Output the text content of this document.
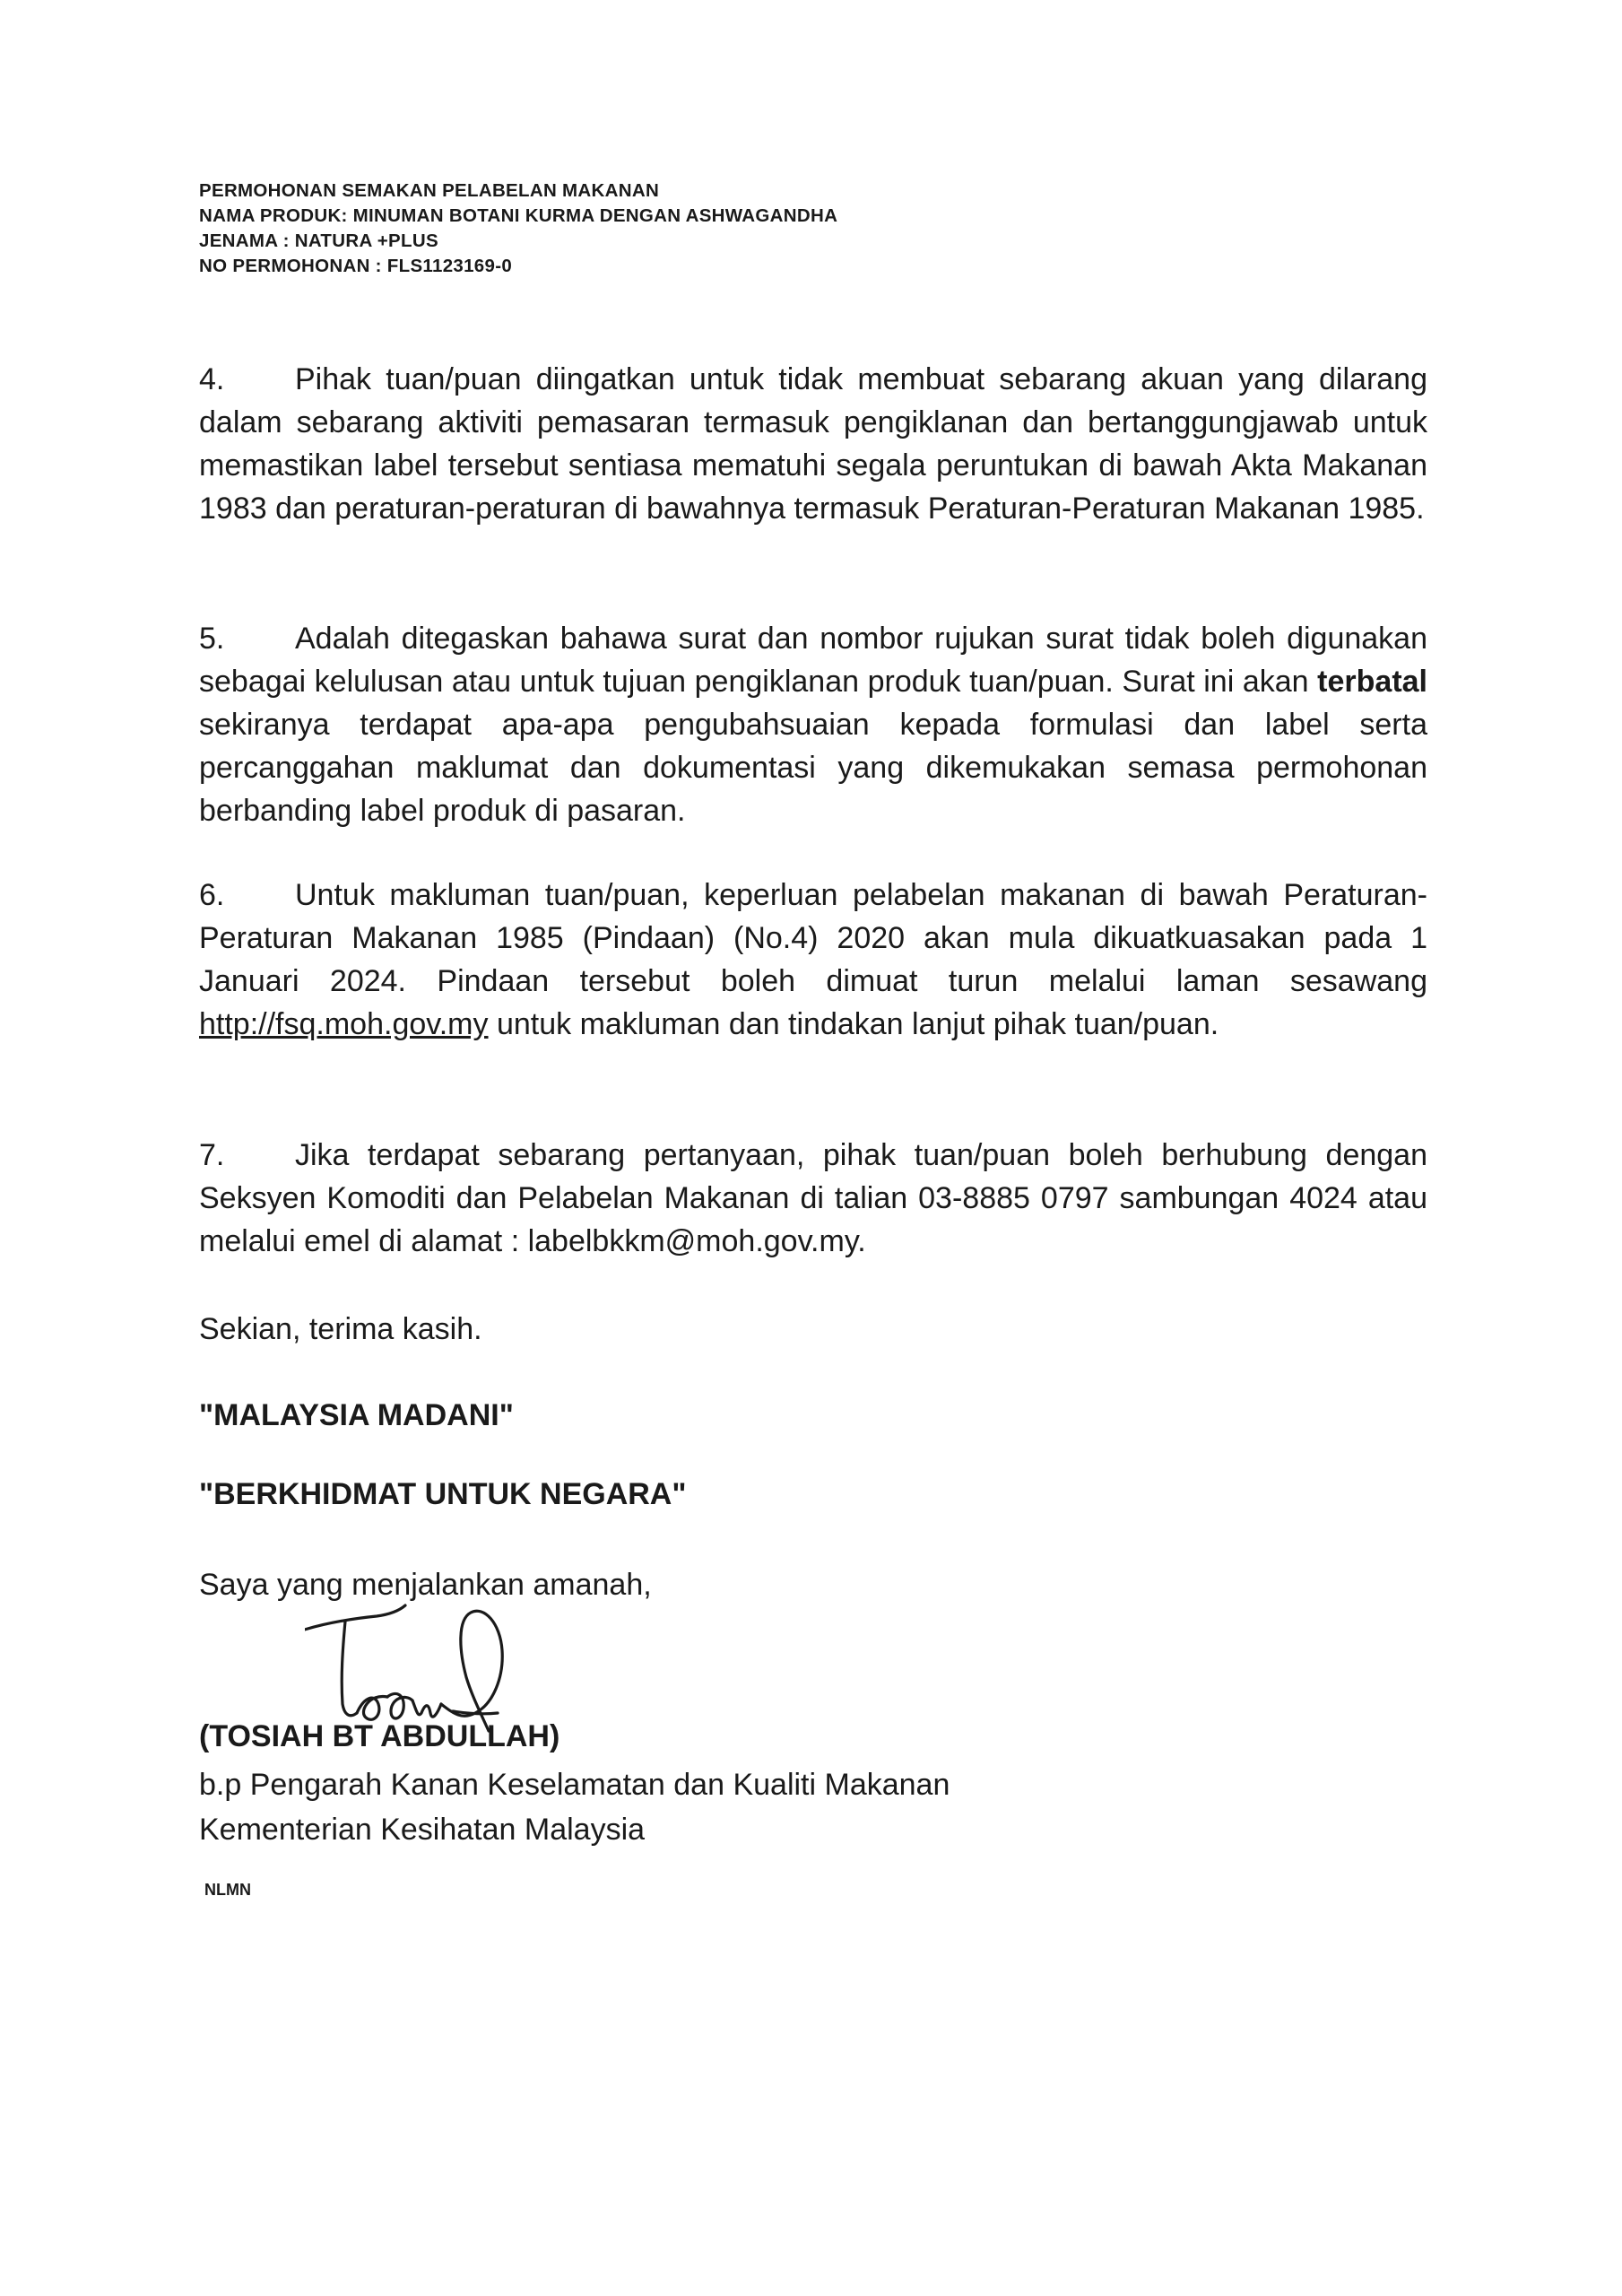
PERMOHONAN SEMAKAN PELABELAN MAKANAN
NAMA PRODUK: MINUMAN BOTANI KURMA DENGAN ASHWAGANDHA
JENAMA : NATURA +PLUS
NO PERMOHONAN : FLS1123169-0
4. Pihak tuan/puan diingatkan untuk tidak membuat sebarang akuan yang dilarang dalam sebarang aktiviti pemasaran termasuk pengiklanan dan bertanggungjawab untuk memastikan label tersebut sentiasa mematuhi segala peruntukan di bawah Akta Makanan 1983 dan peraturan-peraturan di bawahnya termasuk Peraturan-Peraturan Makanan 1985.
5. Adalah ditegaskan bahawa surat dan nombor rujukan surat tidak boleh digunakan sebagai kelulusan atau untuk tujuan pengiklanan produk tuan/puan. Surat ini akan terbatal sekiranya terdapat apa-apa pengubahsuaian kepada formulasi dan label serta percanggahan maklumat dan dokumentasi yang dikemukakan semasa permohonan berbanding label produk di pasaran.
6. Untuk makluman tuan/puan, keperluan pelabelan makanan di bawah Peraturan-Peraturan Makanan 1985 (Pindaan) (No.4) 2020 akan mula dikuatkuasakan pada 1 Januari 2024. Pindaan tersebut boleh dimuat turun melalui laman sesawang http://fsq.moh.gov.my untuk makluman dan tindakan lanjut pihak tuan/puan.
7. Jika terdapat sebarang pertanyaan, pihak tuan/puan boleh berhubung dengan Seksyen Komoditi dan Pelabelan Makanan di talian 03-8885 0797 sambungan 4024 atau melalui emel di alamat : labelbkkm@moh.gov.my.
Sekian, terima kasih.
"MALAYSIA MADANI"
"BERKHIDMAT UNTUK NEGARA"
Saya yang menjalankan amanah,
(TOSIAH BT ABDULLAH)
b.p Pengarah Kanan Keselamatan dan Kualiti Makanan
Kementerian Kesihatan Malaysia
NLMN
